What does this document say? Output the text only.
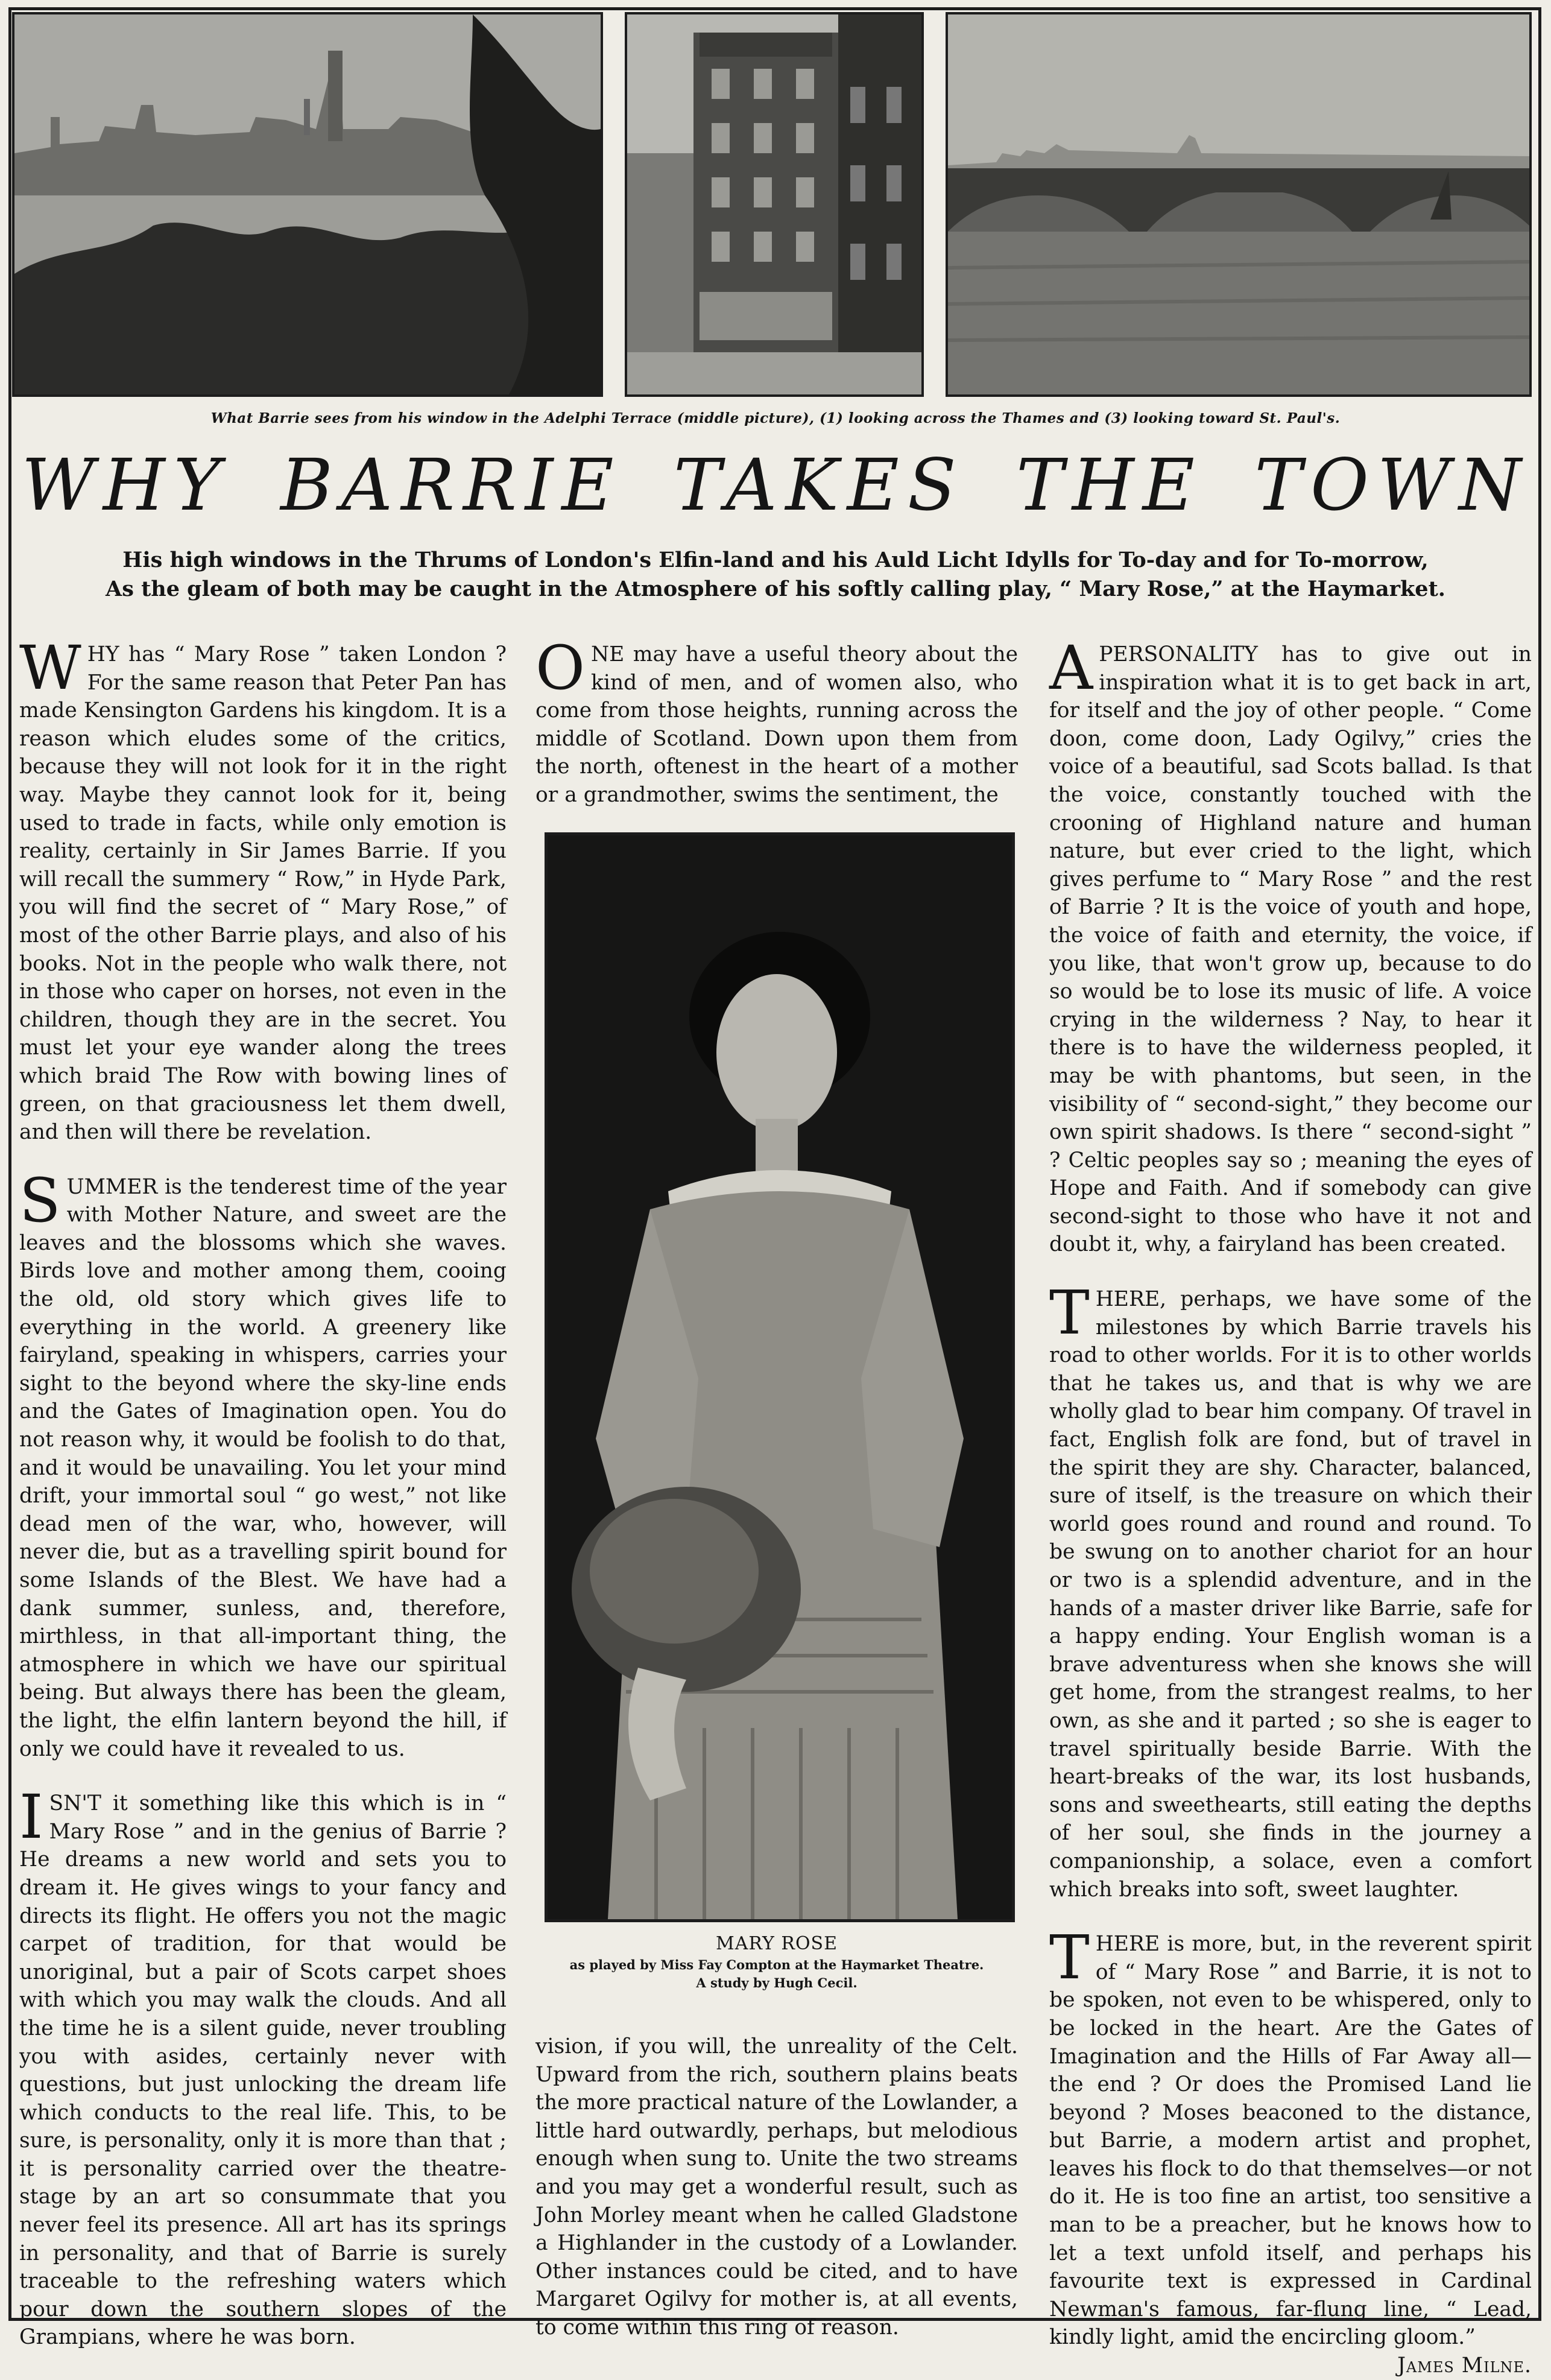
What Barrie sees from his window in the Adelphi Terrace (middle picture), (1) looking across the Thames and (3) looking toward St. Paul's.
WHY BARRIE TAKES THE TOWN
His high windows in the Thrums of London's Elfin-land and his Auld Licht Idylls for To-day and for To-morrow,
As the gleam of both may be caught in the Atmosphere of his softly calling play, “ Mary Rose,” at the Haymarket.

WHY has “ Mary Rose ” taken London ? For the same reason that Peter Pan has made Kensington Gardens his kingdom. It is a reason which eludes some of the critics, because they will not look for it in the right way. Maybe they cannot look for it, being used to trade in facts, while only emotion is reality, certainly in Sir James Barrie. If you will recall the summery “ Row,” in Hyde Park, you will find the secret of “ Mary Rose,” of most of the other Barrie plays, and also of his books. Not in the people who walk there, not in those who caper on horses, not even in the children, though they are in the secret. You must let your eye wander along the trees which braid The Row with bowing lines of green, on that graciousness let them dwell, and then will there be revelation.

SUMMER is the tenderest time of the year with Mother Nature, and sweet are the leaves and the blossoms which she waves. Birds love and mother among them, cooing the old, old story which gives life to everything in the world. A greenery like fairyland, speaking in whispers, carries your sight to the beyond where the sky-line ends and the Gates of Imagination open. You do not reason why, it would be foolish to do that, and it would be unavailing. You let your mind drift, your immortal soul “ go west,” not like dead men of the war, who, however, will never die, but as a travelling spirit bound for some Islands of the Blest. We have had a dank summer, sunless, and, therefore, mirthless, in that all-important thing, the atmosphere in which we have our spiritual being. But always there has been the gleam, the light, the elfin lantern beyond the hill, if only we could have it revealed to us.

ISN'T it something like this which is in “ Mary Rose ” and in the genius of Barrie ? He dreams a new world and sets you to dream it. He gives wings to your fancy and directs its flight. He offers you not the magic carpet of tradition, for that would be unoriginal, but a pair of Scots carpet shoes with which you may walk the clouds. And all the time he is a silent guide, never troubling you with asides, certainly never with questions, but just unlocking the dream life which conducts to the real life. This, to be sure, is personality, only it is more than that ; it is personality carried over the theatre-stage by an art so consummate that you never feel its presence. All art has its springs in personality, and that of Barrie is surely traceable to the refreshing waters which pour down the southern slopes of the Grampians, where he was born.

ONE may have a useful theory about the kind of men, and of women also, who come from those heights, running across the middle of Scotland. Down upon them from the north, oftenest in the heart of a mother or a grandmother, swims the sentiment, the

MARY ROSE
as played by Miss Fay Compton at the Haymarket Theatre.
A study by Hugh Cecil.

vision, if you will, the unreality of the Celt. Upward from the rich, southern plains beats the more practical nature of the Lowlander, a little hard outwardly, perhaps, but melodious enough when sung to. Unite the two streams and you may get a wonderful result, such as John Morley meant when he called Gladstone a Highlander in the custody of a Lowlander. Other instances could be cited, and to have Margaret Ogilvy for mother is, at all events, to come within this ring of reason.

APERSONALITY has to give out in inspiration what it is to get back in art, for itself and the joy of other people. “ Come doon, come doon, Lady Ogilvy,” cries the voice of a beautiful, sad Scots ballad. Is that the voice, constantly touched with the crooning of Highland nature and human nature, but ever cried to the light, which gives perfume to “ Mary Rose ” and the rest of Barrie ? It is the voice of youth and hope, the voice of faith and eternity, the voice, if you like, that won't grow up, because to do so would be to lose its music of life. A voice crying in the wilderness ? Nay, to hear it there is to have the wilderness peopled, it may be with phantoms, but seen, in the visibility of “ second-sight,” they become our own spirit shadows. Is there “ second-sight ” ? Celtic peoples say so ; meaning the eyes of Hope and Faith. And if somebody can give second-sight to those who have it not and doubt it, why, a fairyland has been created.

THERE, perhaps, we have some of the milestones by which Barrie travels his road to other worlds. For it is to other worlds that he takes us, and that is why we are wholly glad to bear him company. Of travel in fact, English folk are fond, but of travel in the spirit they are shy. Character, balanced, sure of itself, is the treasure on which their world goes round and round and round. To be swung on to another chariot for an hour or two is a splendid adventure, and in the hands of a master driver like Barrie, safe for a happy ending. Your English woman is a brave adventuress when she knows she will get home, from the strangest realms, to her own, as she and it parted ; so she is eager to travel spiritually beside Barrie. With the heart-breaks of the war, its lost husbands, sons and sweethearts, still eating the depths of her soul, she finds in the journey a companionship, a solace, even a comfort which breaks into soft, sweet laughter.

THERE is more, but, in the reverent spirit of “ Mary Rose ” and Barrie, it is not to be spoken, not even to be whispered, only to be locked in the heart. Are the Gates of Imagination and the Hills of Far Away all—the end ? Or does the Promised Land lie beyond ? Moses beaconed to the distance, but Barrie, a modern artist and prophet, leaves his flock to do that themselves—or not do it. He is too fine an artist, too sensitive a man to be a preacher, but he knows how to let a text unfold itself, and perhaps his favourite text is expressed in Cardinal Newman's famous, far-flung line, “ Lead, kindly light, amid the encircling gloom.”
James Milne.
